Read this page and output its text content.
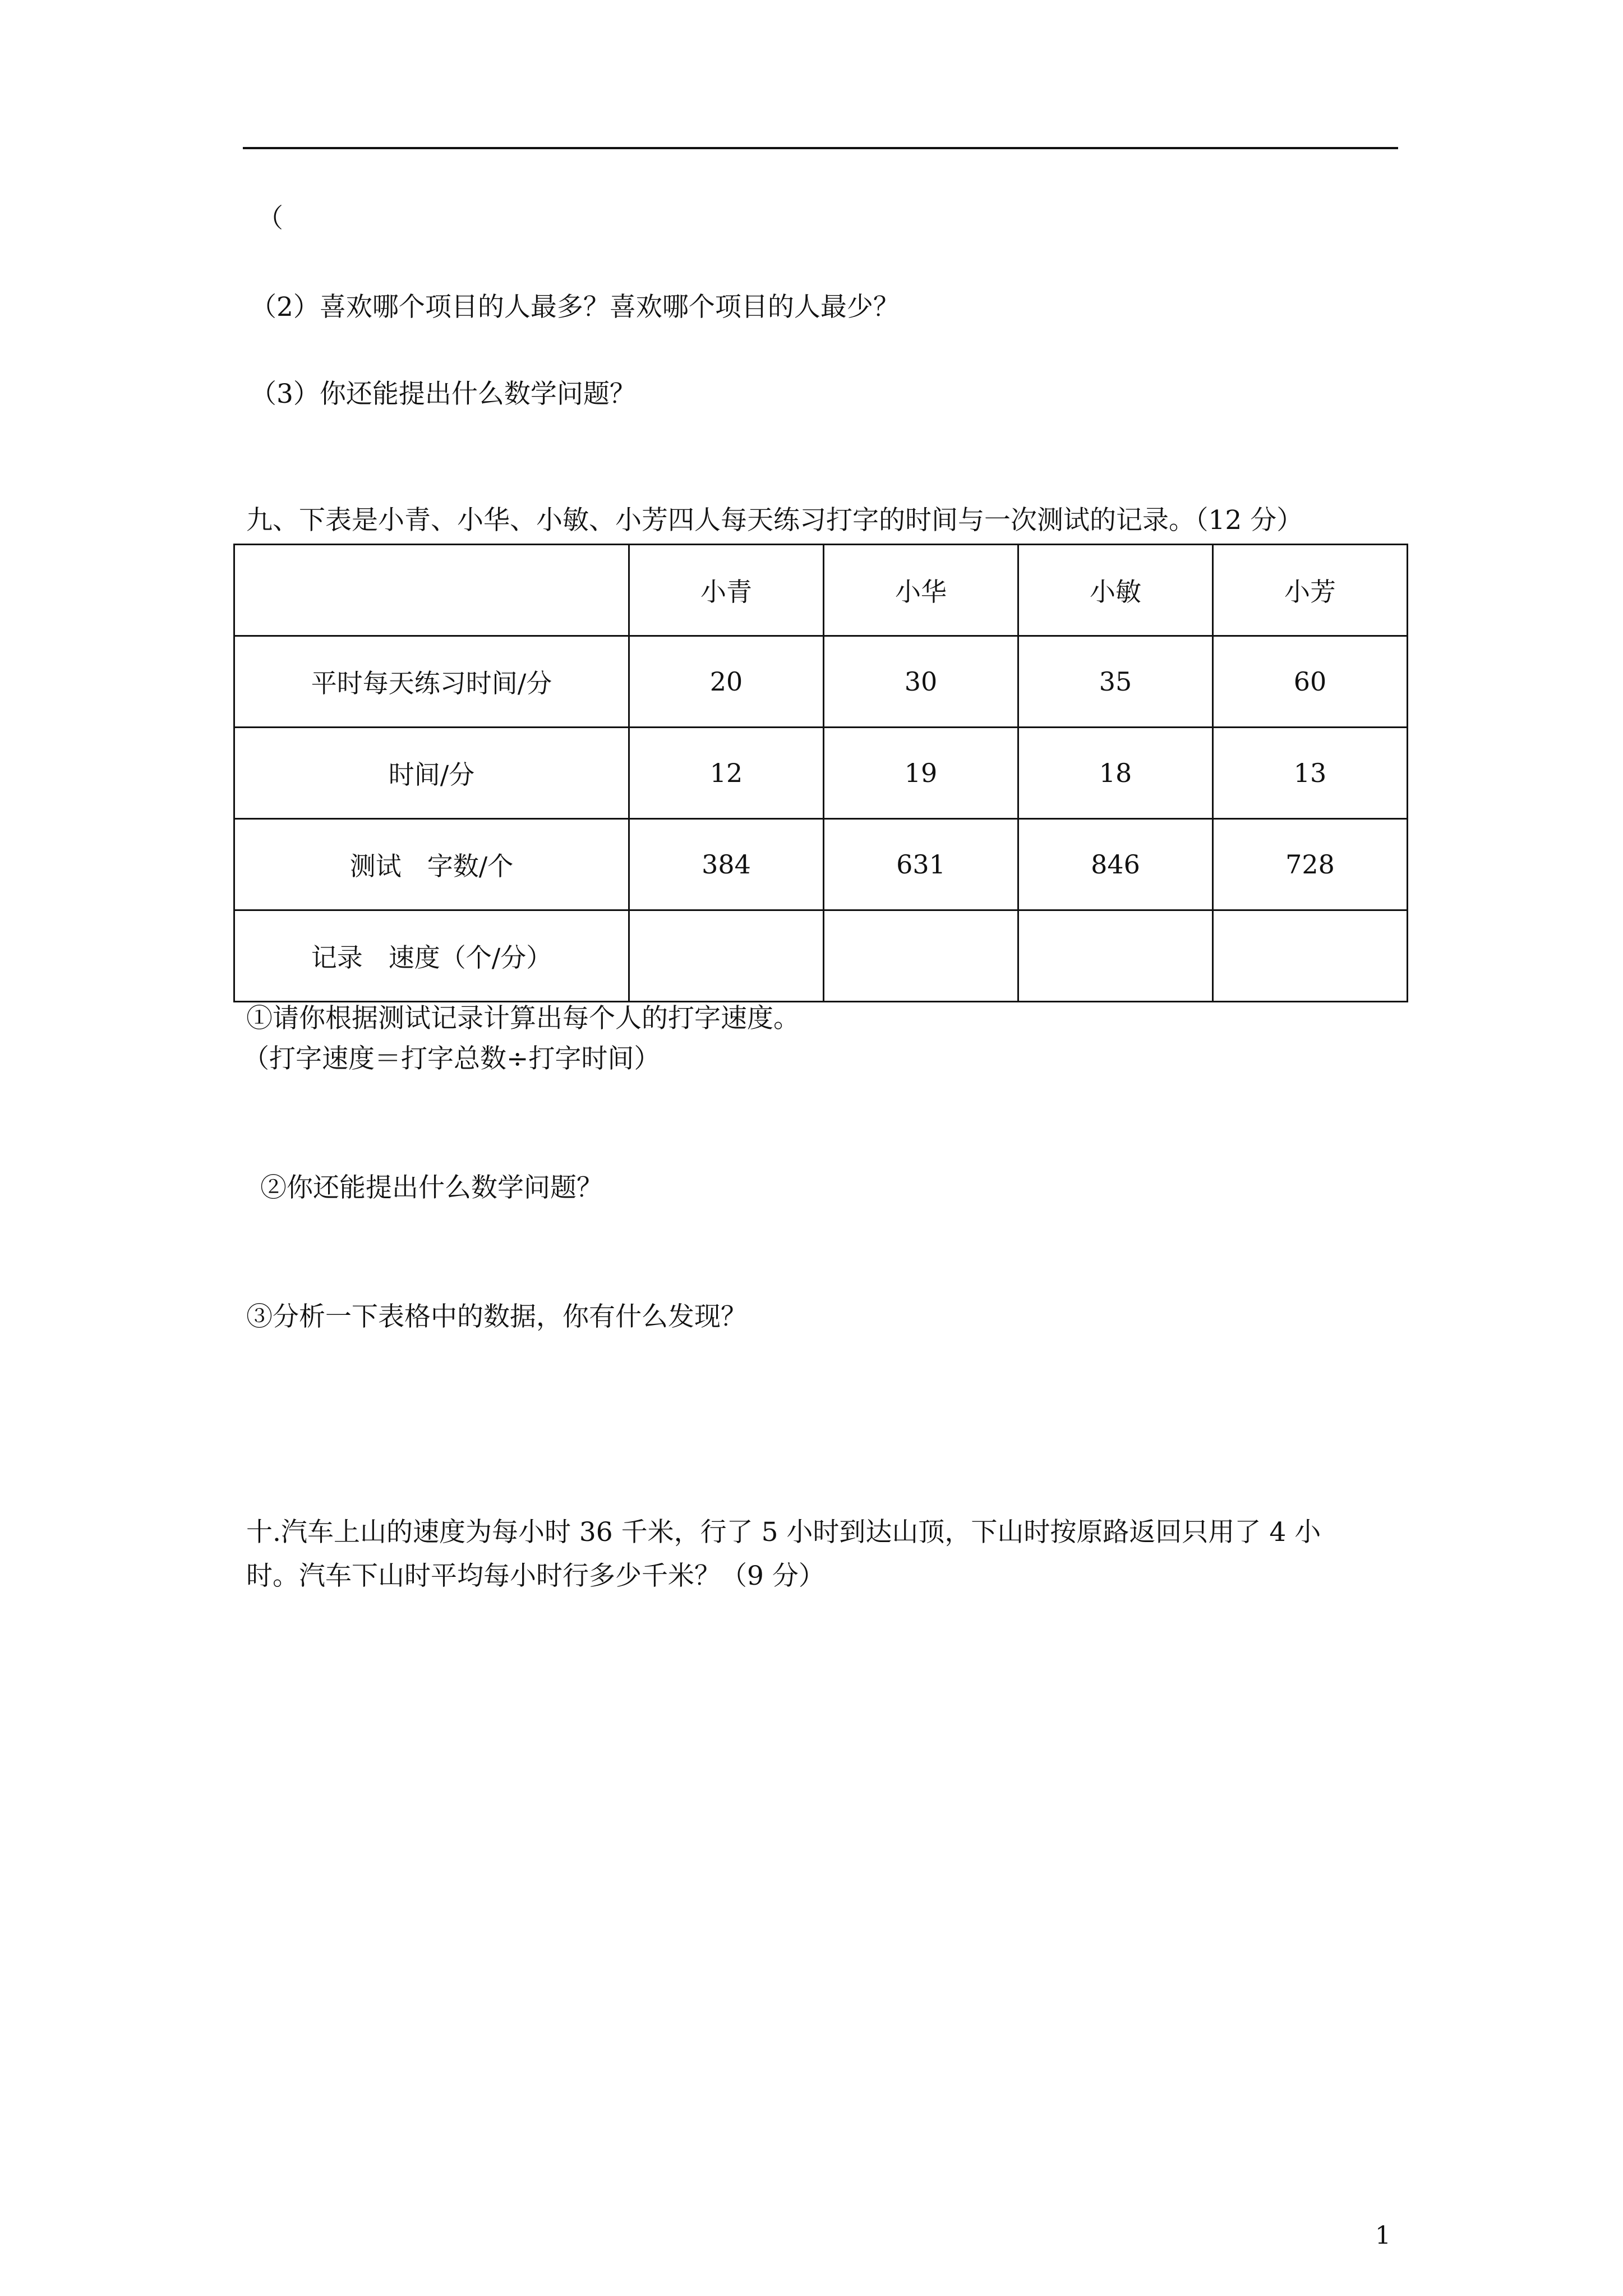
（
（2）喜欢哪个项目的人最多？喜欢哪个项目的人最少？
（3）你还能提出什么数学问题？
九、下表是小青、小华、小敏、小芳四人每天练习打字的时间与一次测试的记录。（12 分）
	小青	小华	小敏	小芳
平时每天练习时间/分	20	30	35	60
时间/分	12	19	18	13
测试　字数/个	384	631	846	728
记录　速度（个/分）				
①请你根据测试记录计算出每个人的打字速度。
（打字速度＝打字总数÷打字时间）
②你还能提出什么数学问题？
③分析一下表格中的数据，你有什么发现？
十.汽车上山的速度为每小时 36 千米，行了 5 小时到达山顶，下山时按原路返回只用了 4 小
时。汽车下山时平均每小时行多少千米？（9 分）
1
